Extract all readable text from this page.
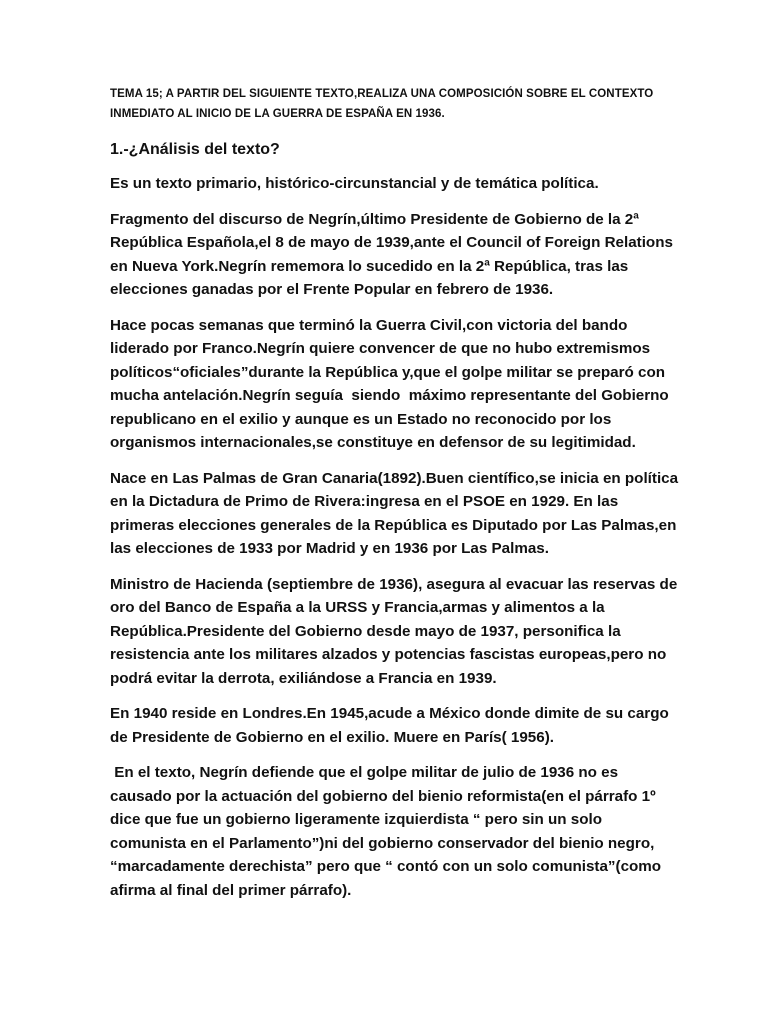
TEMA 15; A PARTIR DEL SIGUIENTE TEXTO,REALIZA UNA COMPOSICIÓN SOBRE EL CONTEXTO INMEDIATO AL INICIO DE LA GUERRA DE ESPAÑA EN 1936.

1.-¿Análisis del texto?

Es un texto primario, histórico-circunstancial y de temática política.

Fragmento del discurso de Negrín,último Presidente de Gobierno de la 2ª República Española,el 8 de mayo de 1939,ante el Council of Foreign Relations en Nueva York.Negrín rememora lo sucedido en la 2ª República, tras las elecciones ganadas por el Frente Popular en febrero de 1936.

Hace pocas semanas que terminó la Guerra Civil,con victoria del bando liderado por Franco.Negrín quiere convencer de que no hubo extremismos políticos“oficiales”durante la República y,que el golpe militar se preparó con mucha antelación.Negrín seguía  siendo  máximo representante del Gobierno republicano en el exilio y aunque es un Estado no reconocido por los organismos internacionales,se constituye en defensor de su legitimidad.

Nace en Las Palmas de Gran Canaria(1892).Buen científico,se inicia en política en la Dictadura de Primo de Rivera:ingresa en el PSOE en 1929. En las primeras elecciones generales de la República es Diputado por Las Palmas,en las elecciones de 1933 por Madrid y en 1936 por Las Palmas.

Ministro de Hacienda (septiembre de 1936), asegura al evacuar las reservas de oro del Banco de España a la URSS y Francia,armas y alimentos a la República.Presidente del Gobierno desde mayo de 1937, personifica la resistencia ante los militares alzados y potencias fascistas europeas,pero no podrá evitar la derrota, exiliándose a Francia en 1939.

En 1940 reside en Londres.En 1945,acude a México donde dimite de su cargo de Presidente de Gobierno en el exilio. Muere en París( 1956).

En el texto, Negrín defiende que el golpe militar de julio de 1936 no es causado por la actuación del gobierno del bienio reformista(en el párrafo 1º dice que fue un gobierno ligeramente izquierdista “ pero sin un solo comunista en el Parlamento”)ni del gobierno conservador del bienio negro, “marcadamente derechista” pero que “ contó con un solo comunista”(como afirma al final del primer párrafo).
